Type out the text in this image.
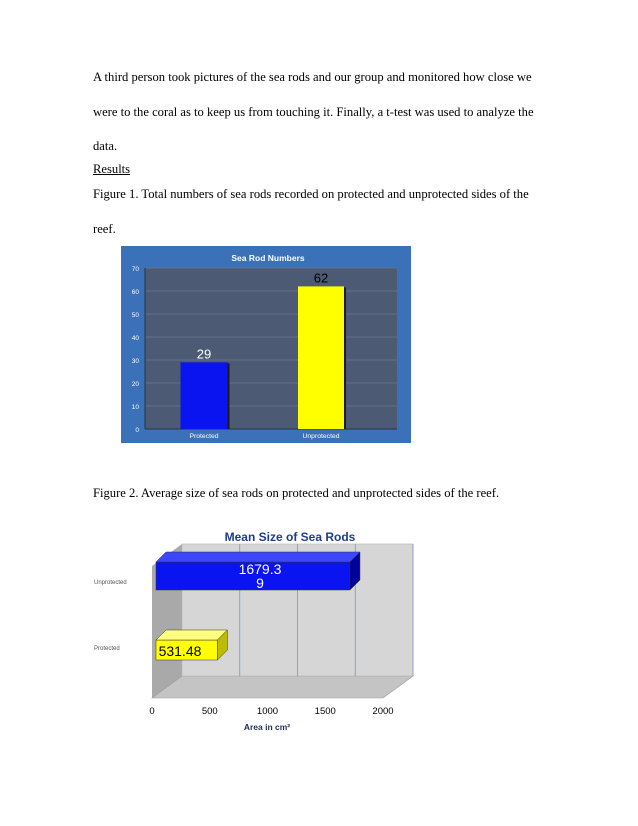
A third person took pictures of the sea rods and our group and monitored how close we
were to the coral as to keep us from touching it. Finally, a t-test was used to analyze the
data.
Results
Figure 1. Total numbers of sea rods recorded on protected and unprotected sides of the
reef.
0
10
20
30
40
50
60
70
Sea Rod Numbers
29
Protected
62
Unprotected
Figure 2. Average size of sea rods on protected and unprotected sides of the reef.
0	500	1000	1500	2000
Mean Size of Sea Rods
Area in cm²
Unprotected
1679.3
9
Protected	531.48
